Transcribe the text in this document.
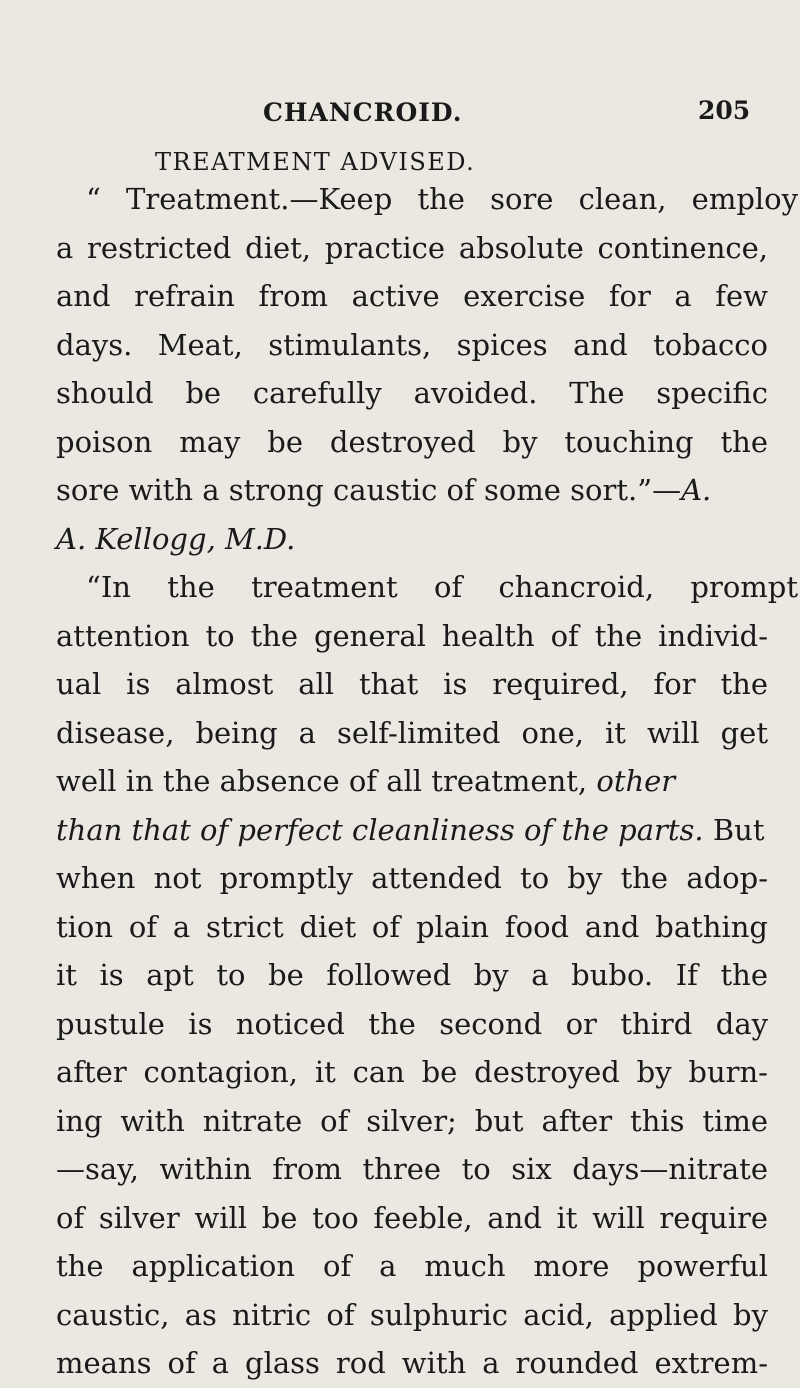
CHANCROID.	205
TREATMENT ADVISED.
“ Treatment.—Keep the sore clean, employ
a restricted diet, practice absolute continence,
and refrain from active exercise for a few
days. Meat, stimulants, spices and tobacco
should be carefully avoided. The specific
poison may be destroyed by touching the
sore with a strong caustic of some sort.”—A.
A. Kellogg, M.D.
“In the treatment of chancroid, prompt
attention to the general health of the individ-
ual is almost all that is required, for the
disease, being a self-limited one, it will get
well in the absence of all treatment, other
than that of perfect cleanliness of the parts. But
when not promptly attended to by the adop-
tion of a strict diet of plain food and bathing
it is apt to be followed by a bubo. If the
pustule is noticed the second or third day
after contagion, it can be destroyed by burn-
ing with nitrate of silver; but after this time
—say, within from three to six days—nitrate
of silver will be too feeble, and it will require
the application of a much more powerful
caustic, as nitric of sulphuric acid, applied by
means of a glass rod with a rounded extrem-
